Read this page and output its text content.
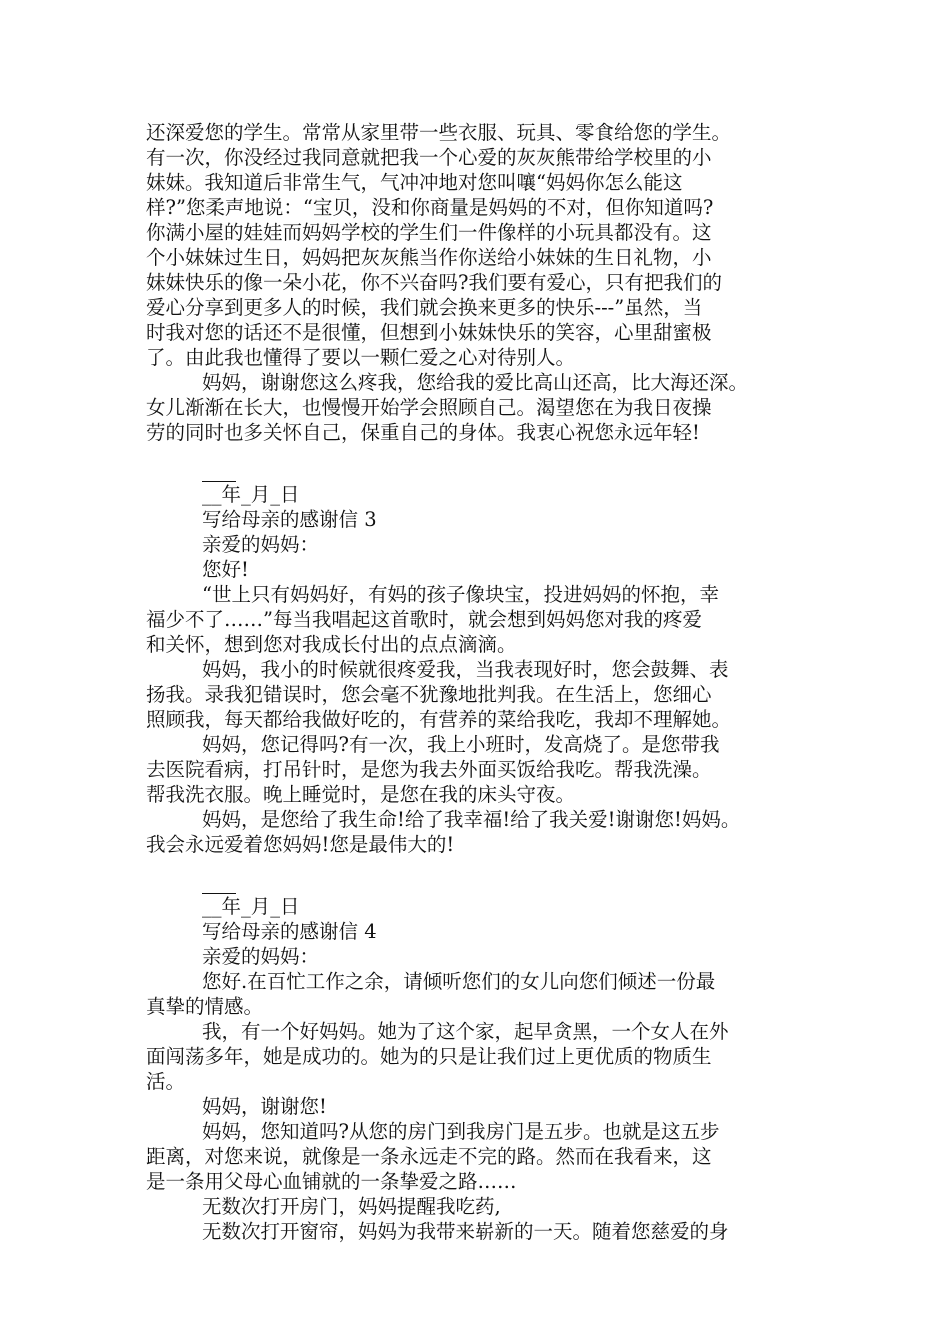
还深爱您的学生。常常从家里带一些衣服、玩具、零食给您的学生。
有一次，你没经过我同意就把我一个心爱的灰灰熊带给学校里的小
妹妹。我知道后非常生气，气冲冲地对您叫嚷“妈妈你怎么能这
样?”您柔声地说：“宝贝，没和你商量是妈妈的不对，但你知道吗?
你满小屋的娃娃而妈妈学校的学生们一件像样的小玩具都没有。这
个小妹妹过生日，妈妈把灰灰熊当作你送给小妹妹的生日礼物，小
妹妹快乐的像一朵小花，你不兴奋吗?我们要有爱心，只有把我们的
爱心分享到更多人的时候，我们就会换来更多的快乐---”虽然，当
时我对您的话还不是很懂，但想到小妹妹快乐的笑容，心里甜蜜极
了。由此我也懂得了要以一颗仁爱之心对待别人。
妈妈，谢谢您这么疼我，您给我的爱比高山还高，比大海还深。
女儿渐渐在长大，也慢慢开始学会照顾自己。渴望您在为我日夜操
劳的同时也多关怀自己，保重自己的身体。我衷心祝您永远年轻!
__年_月_日
写给母亲的感谢信 3
亲爱的妈妈：
您好!
“世上只有妈妈好，有妈的孩子像块宝，投进妈妈的怀抱，幸
福少不了……”每当我唱起这首歌时，就会想到妈妈您对我的疼爱
和关怀，想到您对我成长付出的点点滴滴。
妈妈，我小的时候就很疼爱我，当我表现好时，您会鼓舞、表
扬我。录我犯错误时，您会毫不犹豫地批判我。在生活上，您细心
照顾我，每天都给我做好吃的，有营养的菜给我吃，我却不理解她。
妈妈，您记得吗?有一次，我上小班时，发高烧了。是您带我
去医院看病，打吊针时，是您为我去外面买饭给我吃。帮我洗澡。
帮我洗衣服。晚上睡觉时，是您在我的床头守夜。
妈妈，是您给了我生命!给了我幸福!给了我关爱!谢谢您!妈妈。
我会永远爱着您妈妈!您是最伟大的!
__年_月_日
写给母亲的感谢信 4
亲爱的妈妈：
您好.在百忙工作之余，请倾听您们的女儿向您们倾述一份最
真挚的情感。
我，有一个好妈妈。她为了这个家，起早贪黑，一个女人在外
面闯荡多年，她是成功的。她为的只是让我们过上更优质的物质生
活。
妈妈，谢谢您!
妈妈，您知道吗?从您的房门到我房门是五步。也就是这五步
距离，对您来说，就像是一条永远走不完的路。然而在我看来，这
是一条用父母心血铺就的一条挚爱之路……
无数次打开房门，妈妈提醒我吃药,
无数次打开窗帘，妈妈为我带来崭新的一天。随着您慈爱的身
